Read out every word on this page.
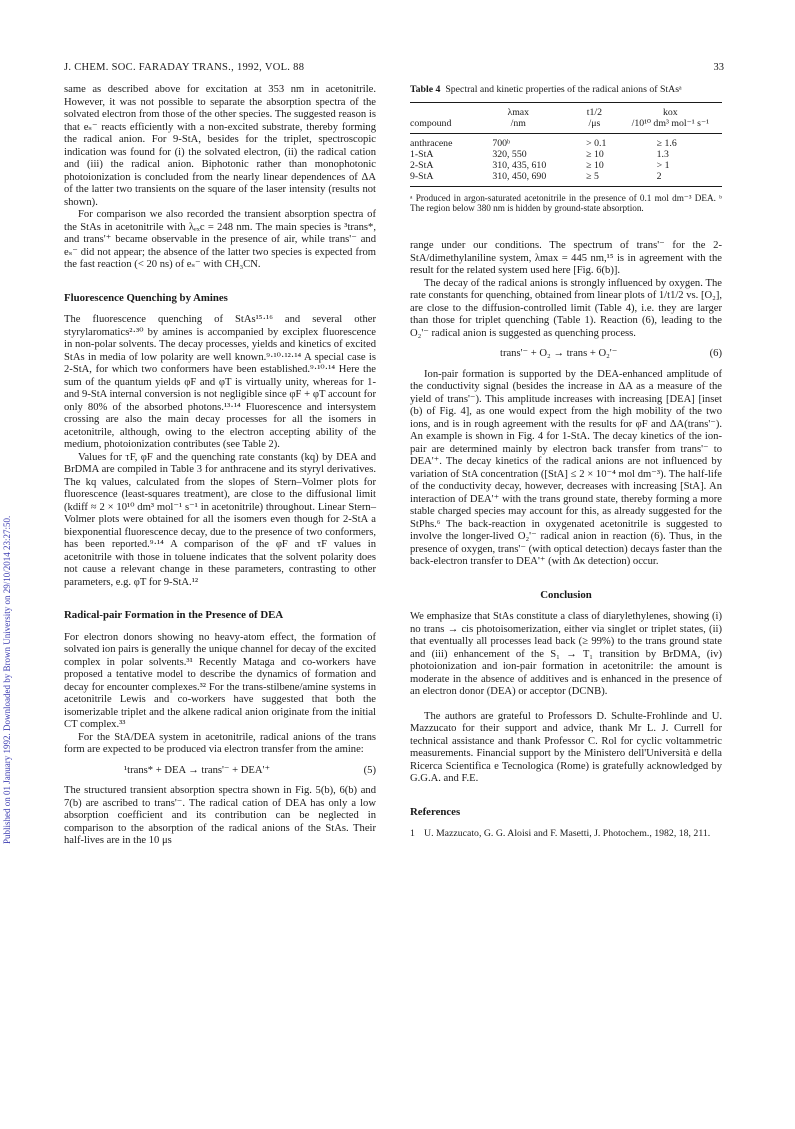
J. CHEM. SOC. FARADAY TRANS., 1992, VOL. 88	33
Published on 01 January 1992. Downloaded by Brown University on 29/10/2014 23:27:50.

same as described above for excitation at 353 nm in acetonitrile. However, it was not possible to separate the absorption spectra of the solvated electron from those of the other species. The suggested reason is that eₛ⁻ reacts efficiently with a non-excited substrate, thereby forming the radical anion. For 9-StA, besides for the triplet, spectroscopic indication was found for (i) the solvated electron, (ii) the radical cation and (iii) the radical anion. Biphotonic rather than monophotonic photoionization is concluded from the nearly linear dependences of ΔA of the latter two transients on the square of the laser intensity (results not shown).

For comparison we also recorded the transient absorption spectra of the StAs in acetonitrile with λₑₓc = 248 nm. The main species is ³trans*, and trans'⁺ became observable in the presence of air, while trans'⁻ and eₛ⁻ did not appear; the absence of the latter two species is expected from the fast reaction (< 20 ns) of eₛ⁻ with CH₃CN.

Fluorescence Quenching by Amines

The fluorescence quenching of StAs¹⁵·¹⁶ and several other styrylaromatics²·³⁰ by amines is accompanied by exciplex fluorescence in non-polar solvents. The decay processes, yields and kinetics of excited StAs in media of low polarity are well known.⁹·¹⁰·¹²·¹⁴ A special case is 2-StA, for which two conformers have been established.⁹·¹⁰·¹⁴ Here the sum of the quantum yields φF and φT is virtually unity, whereas for 1- and 9-StA internal conversion is not negligible since φF + φT account for only 80% of the absorbed photons.¹³·¹⁴ Fluorescence and intersystem crossing are also the main decay processes for all the isomers in acetonitrile, although, owing to the electron accepting ability of the medium, photoionization contributes (see Table 2).

Values for τF, φF and the quenching rate constants (kq) by DEA and BrDMA are compiled in Table 3 for anthracene and its styryl derivatives. The kq values, calculated from the slopes of Stern–Volmer plots for fluorescence (least-squares treatment), are close to the diffusional limit (kdiff ≈ 2 × 10¹⁰ dm³ mol⁻¹ s⁻¹ in acetonitrile) throughout. Linear Stern–Volmer plots were obtained for all the isomers even though for 2-StA a biexponential fluorescence decay, due to the presence of two conformers, has been reported.⁹·¹⁴ A comparison of the φF and τF values in acetonitrile with those in toluene indicates that the solvent polarity does not cause a relevant change in these parameters, contrasting to other parameters, e.g. φT for 9-StA.¹²

Radical-pair Formation in the Presence of DEA

For electron donors showing no heavy-atom effect, the formation of solvated ion pairs is generally the unique channel for decay of the excited complex in polar solvents.³¹ Recently Mataga and co-workers have proposed a tentative model to describe the dynamics of formation and decay for encounter complexes.³² For the trans-stilbene/amine systems in acetonitrile Lewis and co-workers have suggested that both the isomerizable triplet and the alkene radical anion originate from the initial CT complex.³³

For the StA/DEA system in acetonitrile, radical anions of the trans form are expected to be produced via electron transfer from the amine:

¹trans* + DEA → trans'⁻ + DEA'⁺	(5)

The structured transient absorption spectra shown in Fig. 5(b), 6(b) and 7(b) are ascribed to trans'⁻. The radical cation of DEA has only a low absorption coefficient and its contribution can be neglected in comparison to the absorption of the radical anions of the StAs. Their half-lives are in the 10 μs

Table 4 Spectral and kinetic properties of the radical anions of StAsᵃ
	λmax	t1/2	kox
compound	/nm	/μs	/10¹⁰ dm³ mol⁻¹ s⁻¹
anthracene	700ᵇ	> 0.1	≥ 1.6
1-StA	320, 550	≥ 10	1.3
2-StA	310, 435, 610	≥ 10	> 1
9-StA	310, 450, 690	≥ 5	2
ᵃ Produced in argon-saturated acetonitrile in the presence of 0.1 mol dm⁻³ DEA. ᵇ The region below 380 nm is hidden by ground-state absorption.

range under our conditions. The spectrum of trans'⁻ for the 2-StA/dimethylaniline system, λmax = 445 nm,¹⁵ is in agreement with the result for the related system used here [Fig. 6(b)].

The decay of the radical anions is strongly influenced by oxygen. The rate constants for quenching, obtained from linear plots of 1/t1/2 vs. [O₂], are close to the diffusion-controlled limit (Table 4), i.e. they are larger than those for triplet quenching (Table 1). Reaction (6), leading to the O₂'⁻ radical anion is suggested as quenching process.

trans'⁻ + O₂ → trans + O₂'⁻	(6)

Ion-pair formation is supported by the DEA-enhanced amplitude of the conductivity signal (besides the increase in ΔA as a measure of the yield of trans'⁻). This amplitude increases with increasing [DEA] [inset (b) of Fig. 4], as one would expect from the high mobility of the two ions, and is in rough agreement with the results for φF and ΔA(trans'⁻). An example is shown in Fig. 4 for 1-StA. The decay kinetics of the ion-pair are determined mainly by electron back transfer from trans'⁻ to DEA'⁺. The decay kinetics of the radical anions are not influenced by variation of StA concentration ([StA] ≤ 2 × 10⁻⁴ mol dm⁻³). The half-life of the conductivity decay, however, decreases with increasing [StA]. An interaction of DEA'⁺ with the trans ground state, thereby forming a more stable charged species may account for this, as already suggested for the StPhs.⁶ The back-reaction in oxygenated acetonitrile is suggested to involve the longer-lived O₂'⁻ radical anion in reaction (6). Thus, in the presence of oxygen, trans'⁻ (with optical detection) decays faster than the back-electron transfer to DEA'⁺ (with Δκ detection) occur.

Conclusion

We emphasize that StAs constitute a class of diarylethylenes, showing (i) no trans → cis photoisomerization, either via singlet or triplet states, (ii) that eventually all processes lead back (≥ 99%) to the trans ground state and (iii) enhancement of the S₁ → T₁ transition by BrDMA, (iv) photoionization and ion-pair formation in acetonitrile: the amount is moderate in the absence of additives and is enhanced in the presence of an electron donor (DEA) or acceptor (DCNB).

The authors are grateful to Professors D. Schulte-Frohlinde and U. Mazzucato for their support and advice, thank Mr L. J. Currell for technical assistance and thank Professor C. Rol for cyclic voltammetric measurements. Financial support by the Ministero dell'Università e della Ricerca Scientifica e Tecnologica (Rome) is gratefully acknowledged by G.G.A. and F.E.

References
1 U. Mazzucato, G. G. Aloisi and F. Masetti, J. Photochem., 1982, 18, 211.
